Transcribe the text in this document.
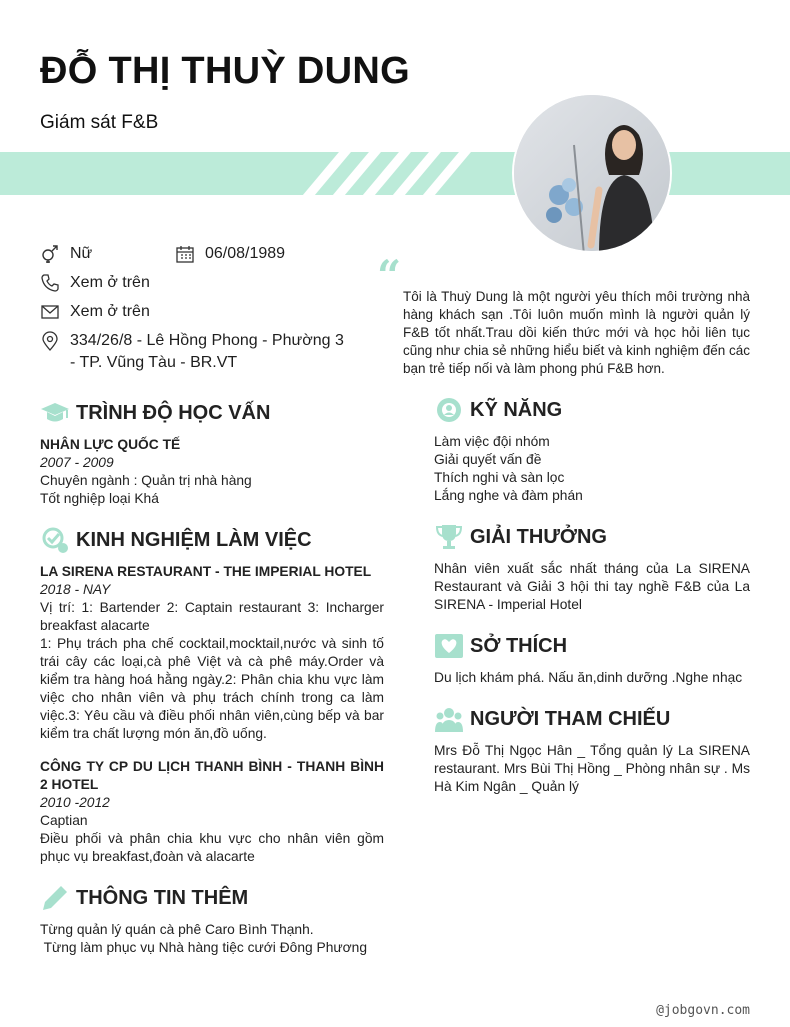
ĐỖ THỊ THUỲ DUNG
Giám sát F&B
Nữ	06/08/1989
Xem ở trên
Xem ở trên
334/26/8 - Lê Hồng Phong - Phường 3 - TP. Vũng Tàu - BR.VT
“ Tôi là Thuỳ Dung là một người yêu thích môi trường nhà hàng khách sạn .Tôi luôn muốn mình là người quản lý F&B tốt nhất.Trau dồi kiến thức mới và học hỏi liên tục cũng như chia sẻ những hiểu biết và kinh nghiệm đến các bạn trẻ tiếp nối và làm phong phú F&B hơn.
TRÌNH ĐỘ HỌC VẤN
NHÂN LỰC QUỐC TẾ
2007 - 2009
Chuyên ngành : Quản trị nhà hàng
Tốt nghiệp loại Khá
KINH NGHIỆM LÀM VIỆC
LA SIRENA RESTAURANT - THE IMPERIAL HOTEL
2018 - NAY
Vị trí: 1: Bartender 2: Captain restaurant 3: Incharger breakfast alacarte
1: Phụ trách pha chế cocktail,mocktail,nước và sinh tố trái cây các loại,cà phê Việt và cà phê máy.Order và kiểm tra hàng hoá hằng ngày.2: Phân chia khu vực làm việc cho nhân viên và phụ trách chính trong ca làm việc.3: Yêu cầu và điều phối nhân viên,cùng bếp và bar kiểm tra chất lượng món ăn,đồ uống.
CÔNG TY CP DU LỊCH THANH BÌNH - THANH BÌNH 2 HOTEL
2010 -2012
Captian
Điều phối và phân chia khu vực cho nhân viên gồm phục vụ breakfast,đoàn và alacarte
THÔNG TIN THÊM
Từng quản lý quán cà phê Caro Bình Thạnh.
Từng làm phục vụ Nhà hàng tiệc cưới Đông Phương
KỸ NĂNG
Làm việc đội nhóm
Giải quyết vấn đề
Thích nghi và sàn lọc
Lắng nghe và đàm phán
GIẢI THƯỞNG
Nhân viên xuất sắc nhất tháng của La SIRENA Restaurant và Giải 3 hội thi tay nghề F&B của La SIRENA - Imperial Hotel
SỞ THÍCH
Du lịch khám phá. Nấu ăn,dinh dưỡng .Nghe nhạc
NGƯỜI THAM CHIẾU
Mrs Đỗ Thị Ngọc Hân _ Tổng quản lý La SIRENA restaurant. Mrs Bùi Thị Hồng _ Phòng nhân sự . Ms Hà Kim Ngân _ Quản lý
@jobgovn.com
